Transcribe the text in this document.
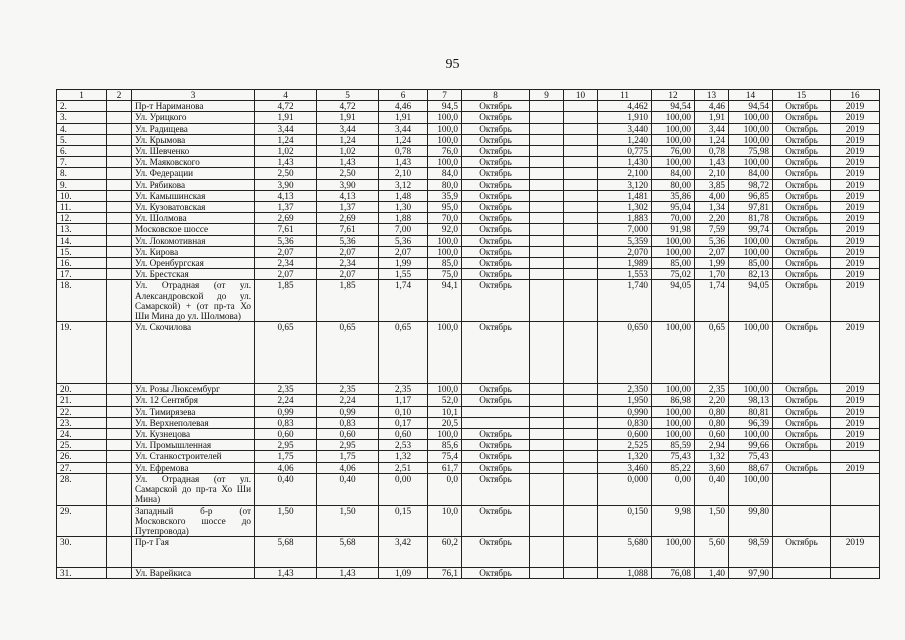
95
1	2	3	4	5	6	7	8	9	10	11	12	13	14	15	16
2.		Пр-т Нариманова	4,72	4,72	4,46	94,5	Октябрь			4,462	94,54	4,46	94,54	Октябрь	2019
3.		Ул. Урицкого	1,91	1,91	1,91	100,0	Октябрь			1,910	100,00	1,91	100,00	Октябрь	2019
4.		Ул. Радищева	3,44	3,44	3,44	100,0	Октябрь			3,440	100,00	3,44	100,00	Октябрь	2019
5.		Ул. Крымова	1,24	1,24	1,24	100,0	Октябрь			1,240	100,00	1,24	100,00	Октябрь	2019
6.		Ул. Шевченко	1,02	1,02	0,78	76,0	Октябрь			0,775	76,00	0,78	75,98	Октябрь	2019
7.		Ул. Маяковского	1,43	1,43	1,43	100,0	Октябрь			1,430	100,00	1,43	100,00	Октябрь	2019
8.		Ул. Федерации	2,50	2,50	2,10	84,0	Октябрь			2,100	84,00	2,10	84,00	Октябрь	2019
9.		Ул. Рябикова	3,90	3,90	3,12	80,0	Октябрь			3,120	80,00	3,85	98,72	Октябрь	2019
10.		Ул. Камышинская	4,13	4,13	1,48	35,9	Октябрь			1,481	35,86	4,00	96,85	Октябрь	2019
11.		Ул. Кузоватовская	1,37	1,37	1,30	95,0	Октябрь			1,302	95,04	1,34	97,81	Октябрь	2019
12.		Ул. Шолмова	2,69	2,69	1,88	70,0	Октябрь			1,883	70,00	2,20	81,78	Октябрь	2019
13.		Московское шоссе	7,61	7,61	7,00	92,0	Октябрь			7,000	91,98	7,59	99,74	Октябрь	2019
14.		Ул. Локомотивная	5,36	5,36	5,36	100,0	Октябрь			5,359	100,00	5,36	100,00	Октябрь	2019
15.		Ул. Кирова	2,07	2,07	2,07	100,0	Октябрь			2,070	100,00	2,07	100,00	Октябрь	2019
16.		Ул. Оренбургская	2,34	2,34	1,99	85,0	Октябрь			1,989	85,00	1,99	85,00	Октябрь	2019
17.		Ул. Брестская	2,07	2,07	1,55	75,0	Октябрь			1,553	75,02	1,70	82,13	Октябрь	2019
18.		Ул. Отрадная (от ул. Александровской до ул. Самарской) + (от пр-та Хо Ши Мина до ул. Шолмова)	1,85	1,85	1,74	94,1	Октябрь			1,740	94,05	1,74	94,05	Октябрь	2019
19.		Ул. Скочилова	0,65	0,65	0,65	100,0	Октябрь			0,650	100,00	0,65	100,00	Октябрь	2019
20.		Ул. Розы Люксембург	2,35	2,35	2,35	100,0	Октябрь			2,350	100,00	2,35	100,00	Октябрь	2019
21.		Ул. 12 Сентября	2,24	2,24	1,17	52,0	Октябрь			1,950	86,98	2,20	98,13	Октябрь	2019
22.		Ул. Тимирязева	0,99	0,99	0,10	10,1				0,990	100,00	0,80	80,81	Октябрь	2019
23.		Ул. Верхнеполевая	0,83	0,83	0,17	20,5				0,830	100,00	0,80	96,39	Октябрь	2019
24.		Ул. Кузнецова	0,60	0,60	0,60	100,0	Октябрь			0,600	100,00	0,60	100,00	Октябрь	2019
25.		Ул. Промышленная	2,95	2,95	2,53	85,6	Октябрь			2,525	85,59	2,94	99,66	Октябрь	2019
26.		Ул. Станкостроителей	1,75	1,75	1,32	75,4	Октябрь			1,320	75,43	1,32	75,43		
27.		Ул. Ефремова	4,06	4,06	2,51	61,7	Октябрь			3,460	85,22	3,60	88,67	Октябрь	2019
28.		Ул. Отрадная (от ул. Самарской до пр-та Хо Ши Мина)	0,40	0,40	0,00	0,0	Октябрь			0,000	0,00	0,40	100,00		
29.		Западный б-р (от Московского шоссе до Путепровода)	1,50	1,50	0,15	10,0	Октябрь			0,150	9,98	1,50	99,80		
30.		Пр-т Гая	5,68	5,68	3,42	60,2	Октябрь			5,680	100,00	5,60	98,59	Октябрь	2019
31.		Ул. Варейкиса	1,43	1,43	1,09	76,1	Октябрь			1,088	76,08	1,40	97,90		
